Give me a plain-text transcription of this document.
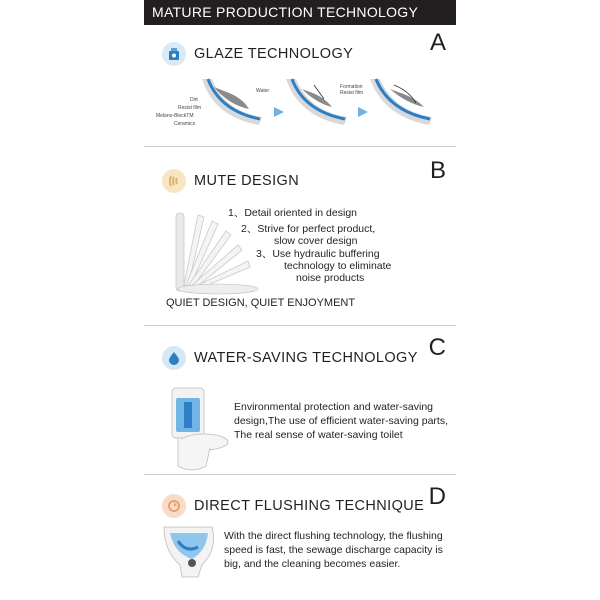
MATURE PRODUCTION TECHNOLOGY
GLAZE TECHNOLOGY	A
Dirt
Resist film
Melano-BlockTM
Ceramics
Water
Formation
Resist film
MUTE DESIGN	B
1、Detail oriented in design
2、Strive for perfect product,
slow cover design
3、Use hydraulic buffering
technology to eliminate
noise products
QUIET DESIGN, QUIET ENJOYMENT
WATER-SAVING TECHNOLOGY C
Environmental protection and water-saving
design,The use of efficient water-saving parts,
The real sense of water-saving toilet
DIRECT FLUSHING TECHNIQUE D
With the direct flushing technology, the flushing
speed is fast, the sewage discharge capacity is
big, and the cleaning becomes easier.
